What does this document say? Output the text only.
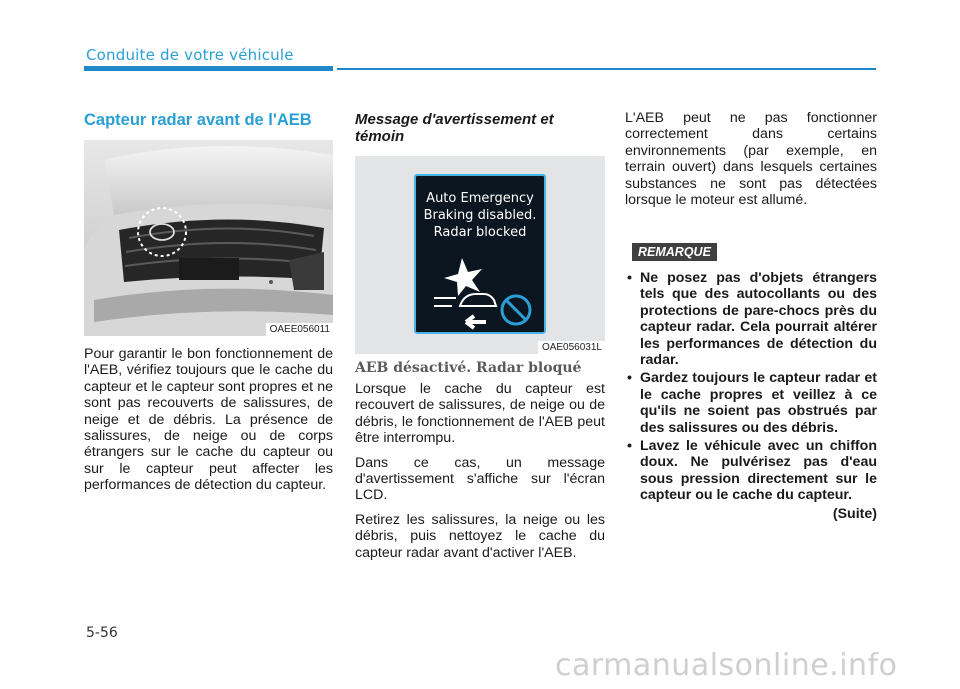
Conduite de votre véhicule
Capteur radar avant de l'AEB
OAEE056011
Pour garantir le bon fonctionnement de l'AEB, vérifiez toujours que le cache du capteur et le capteur sont propres et ne sont pas recouverts de salissures, de neige et de débris. La présence de salissures, de neige ou de corps étrangers sur le cache du capteur ou sur le capteur peut affecter les performances de détection du capteur.
Message d'avertissement et témoin
Auto Emergency
Braking disabled.
Radar blocked
OAE056031L
AEB désactivé. Radar bloqué

Lorsque le cache du capteur est recouvert de salissures, de neige ou de débris, le fonctionnement de l'AEB peut être interrompu.

Dans ce cas, un message d'avertissement s'affiche sur l'écran LCD.

Retirez les salissures, la neige ou les débris, puis nettoyez le cache du capteur radar avant d'activer l'AEB.

L'AEB peut ne pas fonctionner correctement dans certains environnements (par exemple, en terrain ouvert) dans lesquels certaines substances ne sont pas détectées lorsque le moteur est allumé.
REMARQUE
• Ne posez pas d'objets étrangers tels que des autocollants ou des protections de pare-chocs près du capteur radar. Cela pourrait altérer les performances de détection du radar.
• Gardez toujours le capteur radar et le cache propres et veillez à ce qu'ils ne soient pas obstrués par des salissures ou des débris.
• Lavez le véhicule avec un chiffon doux. Ne pulvérisez pas d'eau sous pression directement sur le capteur ou le cache du capteur.
(Suite)
5-56
carmanualsonline.info
